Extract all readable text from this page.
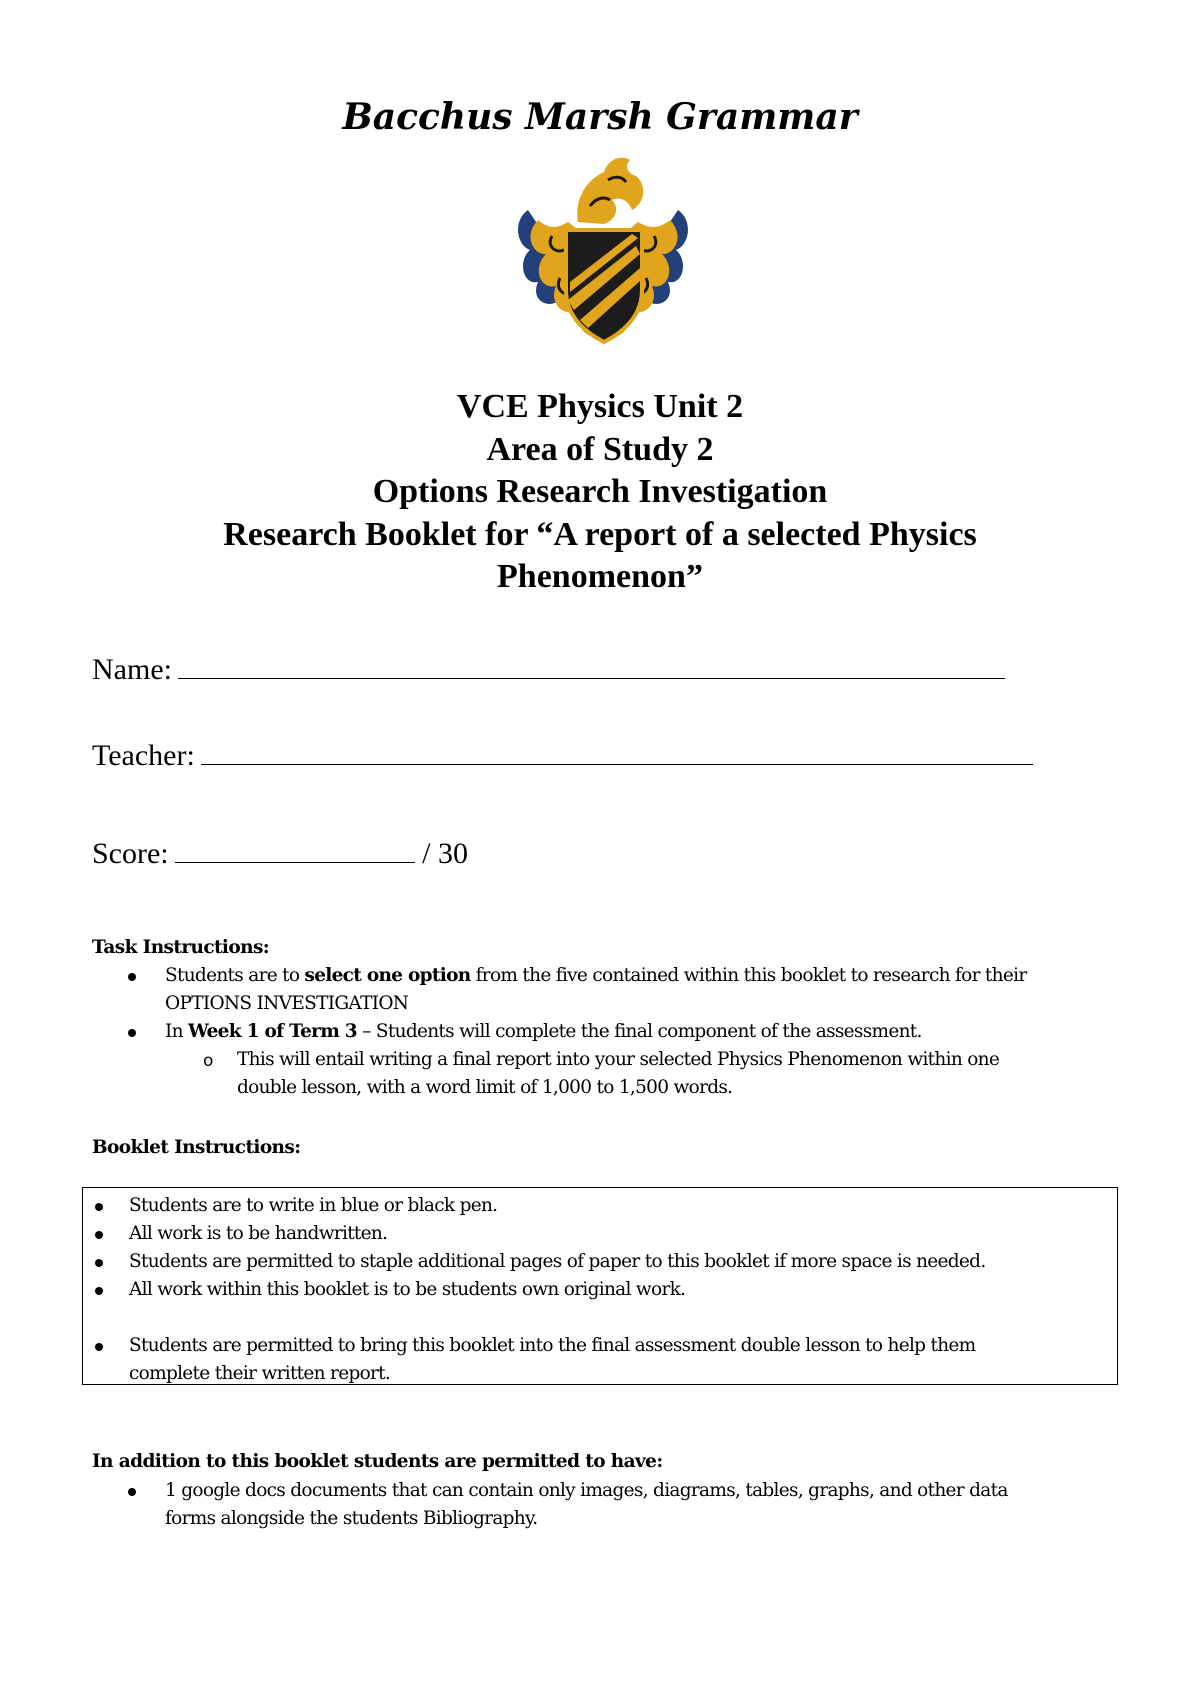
Bacchus Marsh Grammar
VCE Physics Unit 2
Area of Study 2
Options Research Investigation
Research Booklet for “A report of a selected Physics
Phenomenon”
Name:
Teacher:
Score:	/ 30
Task Instructions:
Students are to select one option from the five contained within this booklet to research for their
OPTIONS INVESTIGATION
In Week 1 of Term 3 – Students will complete the final component of the assessment.
o This will entail writing a final report into your selected Physics Phenomenon within one
double lesson, with a word limit of 1,000 to 1,500 words.
Booklet Instructions:
Students are to write in blue or black pen.
All work is to be handwritten.
Students are permitted to staple additional pages of paper to this booklet if more space is needed.
All work within this booklet is to be students own original work.
Students are permitted to bring this booklet into the final assessment double lesson to help them
complete their written report.
In addition to this booklet students are permitted to have:
1 google docs documents that can contain only images, diagrams, tables, graphs, and other data
forms alongside the students Bibliography.
